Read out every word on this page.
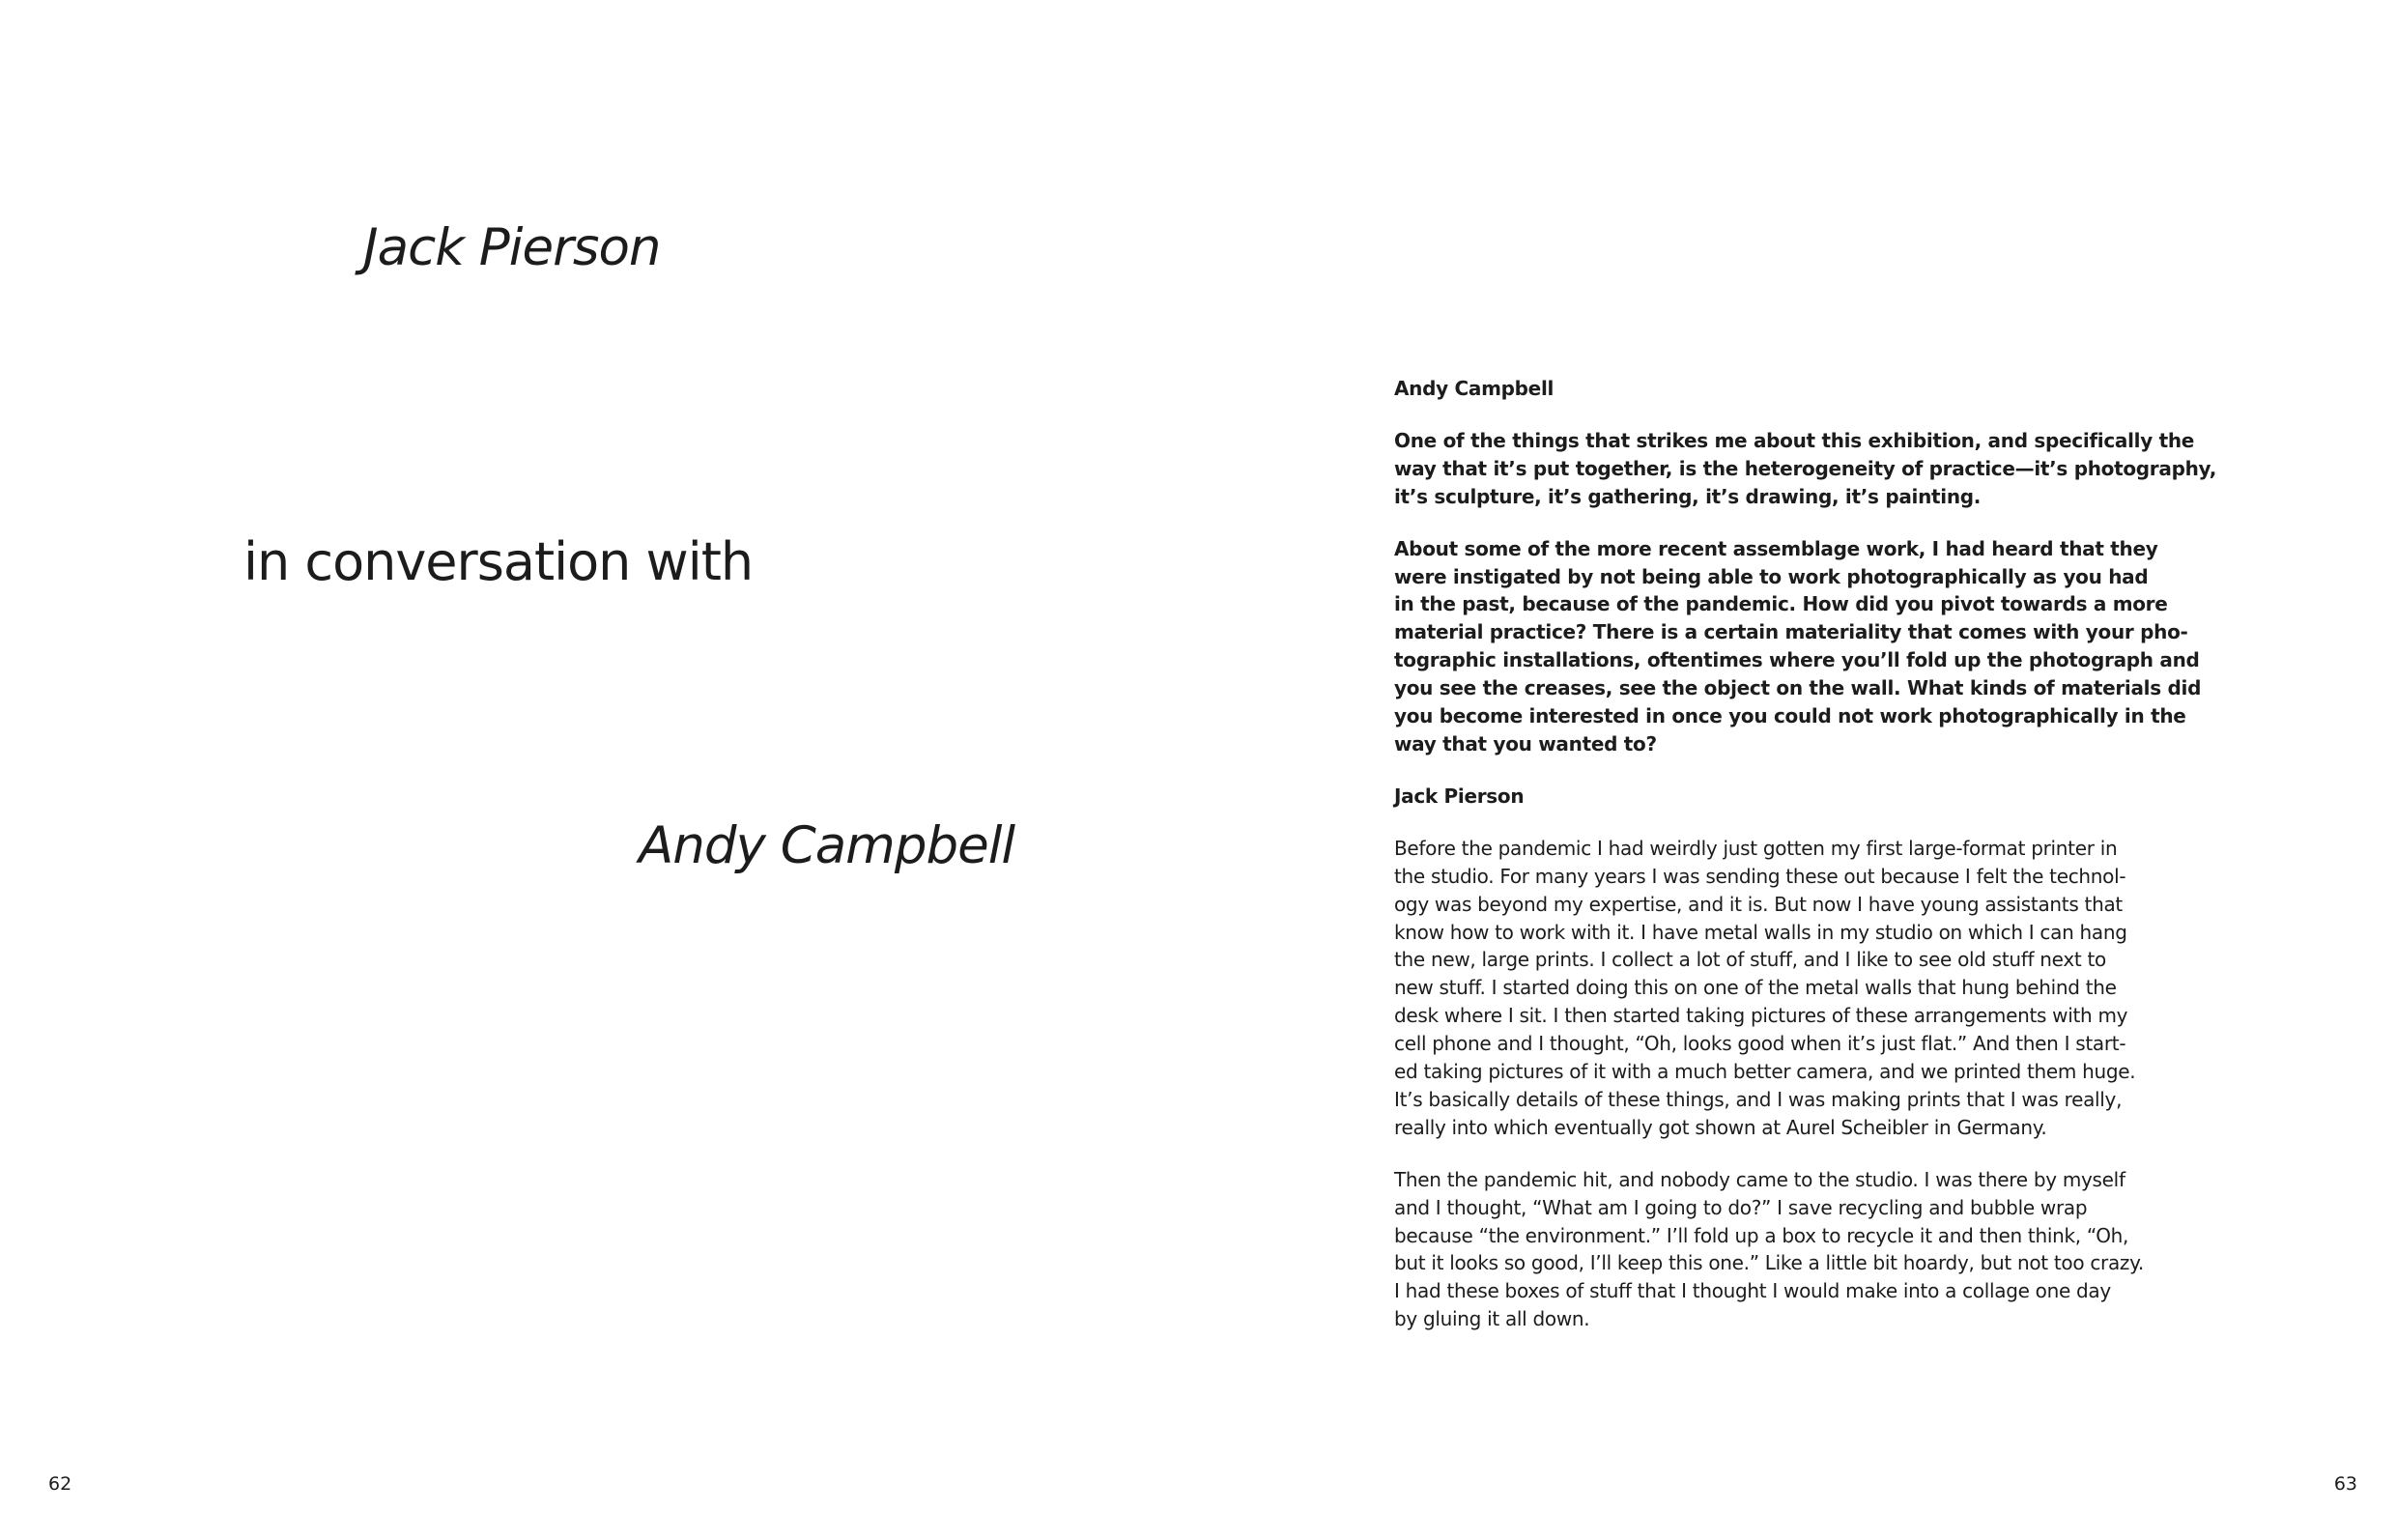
Jack Pierson
in conversation with
Andy Campbell
Andy Campbell
One of the things that strikes me about this exhibition, and specifically the
way that it’s put together, is the heterogeneity of practice—it’s photography,
it’s sculpture, it’s gathering, it’s drawing, it’s painting.
About some of the more recent assemblage work, I had heard that they
were instigated by not being able to work photographically as you had
in the past, because of the pandemic. How did you pivot towards a more
material practice? There is a certain materiality that comes with your pho-
tographic installations, oftentimes where you’ll fold up the photograph and
you see the creases, see the object on the wall. What kinds of materials did
you become interested in once you could not work photographically in the
way that you wanted to?
Jack Pierson
Before the pandemic I had weirdly just gotten my first large-format printer in
the studio. For many years I was sending these out because I felt the technol-
ogy was beyond my expertise, and it is. But now I have young assistants that
know how to work with it. I have metal walls in my studio on which I can hang
the new, large prints. I collect a lot of stuff, and I like to see old stuff next to
new stuff. I started doing this on one of the metal walls that hung behind the
desk where I sit. I then started taking pictures of these arrangements with my
cell phone and I thought, “Oh, looks good when it’s just flat.” And then I start-
ed taking pictures of it with a much better camera, and we printed them huge.
It’s basically details of these things, and I was making prints that I was really,
really into which eventually got shown at Aurel Scheibler in Germany.
Then the pandemic hit, and nobody came to the studio. I was there by myself
and I thought, “What am I going to do?” I save recycling and bubble wrap
because “the environment.” I’ll fold up a box to recycle it and then think, “Oh,
but it looks so good, I’ll keep this one.” Like a little bit hoardy, but not too crazy.
I had these boxes of stuff that I thought I would make into a collage one day
by gluing it all down.
62	63
